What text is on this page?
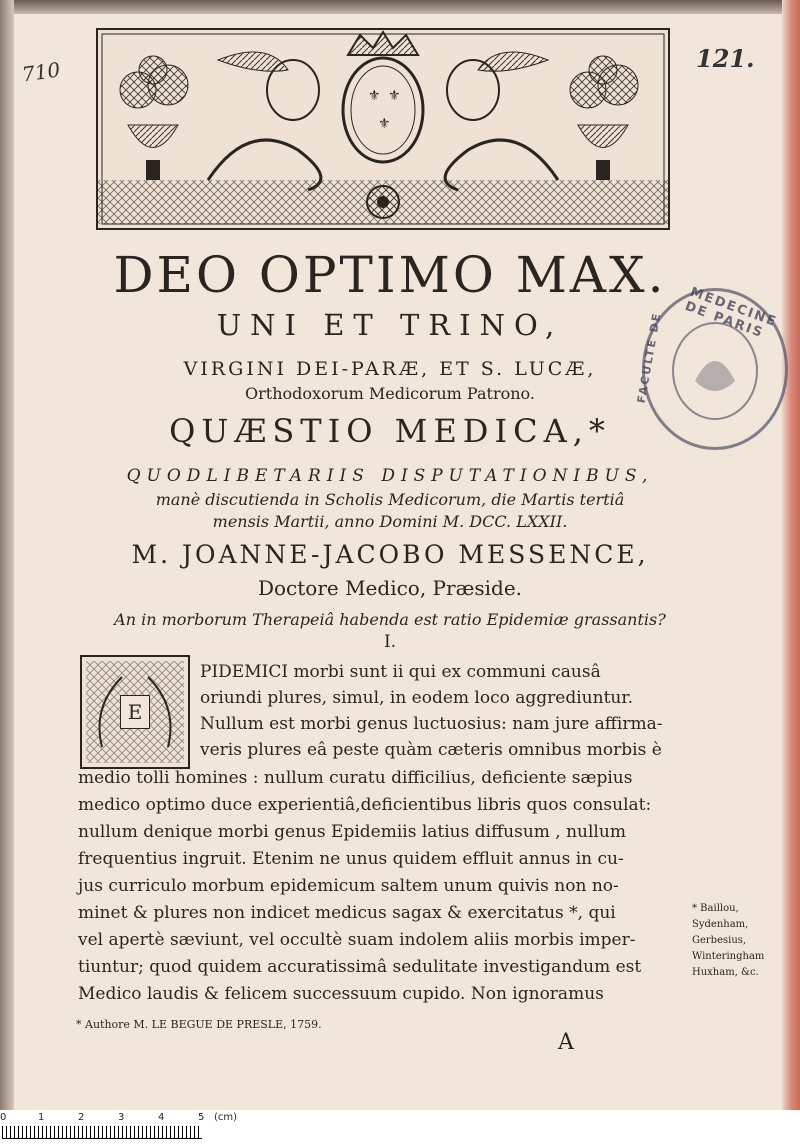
710	121.
⚜ ⚜
⚜
MEDECINE DE PARIS
FACULTE DE
DEO OPTIMO MAX.
UNI ET TRINO,
VIRGINI DEI-PARÆ, ET S. LUCÆ,
Orthodoxorum Medicorum Patrono.
QUÆSTIO MEDICA,*
QUODLIBETARIIS DISPUTATIONIBUS,
manè discutienda in Scholis Medicorum, die Martis tertiâ
mensis Martii, anno Domini M. DCC. LXXII.
M. JOANNE-JACOBO MESSENCE,
Doctore Medico, Præside.
An in morborum Therapeiâ habenda est ratio Epidemiæ grassantis?
I.
E
PIDEMICI morbi sunt ii qui ex communi causâ
oriundi plures, simul, in eodem loco aggrediuntur.
Nullum est morbi genus luctuosius: nam jure affirma-
veris plures eâ peste quàm cæteris omnibus morbis è
medio tolli homines : nullum curatu difficilius, deficiente sæpius
medico optimo duce experientiâ,deficientibus libris quos consulat:
nullum denique morbi genus Epidemiis latius diffusum , nullum
frequentius ingruit. Etenim ne unus quidem effluit annus in cu-
jus curriculo morbum epidemicum saltem unum quivis non no-
minet & plures non indicet medicus sagax & exercitatus *, qui
vel apertè sæviunt, vel occultè suam indolem aliis morbis imper-
tiuntur; quod quidem accuratissimâ sedulitate investigandum est
Medico laudis & felicem successuum cupido. Non ignoramus
* Baillou,
Sydenham,
Gerbesius,
Winteringham
Huxham, &c.
* Authore M. LE BEGUE DE PRESLE, 1759.
A
0	1	2	3	4	5 (cm)
